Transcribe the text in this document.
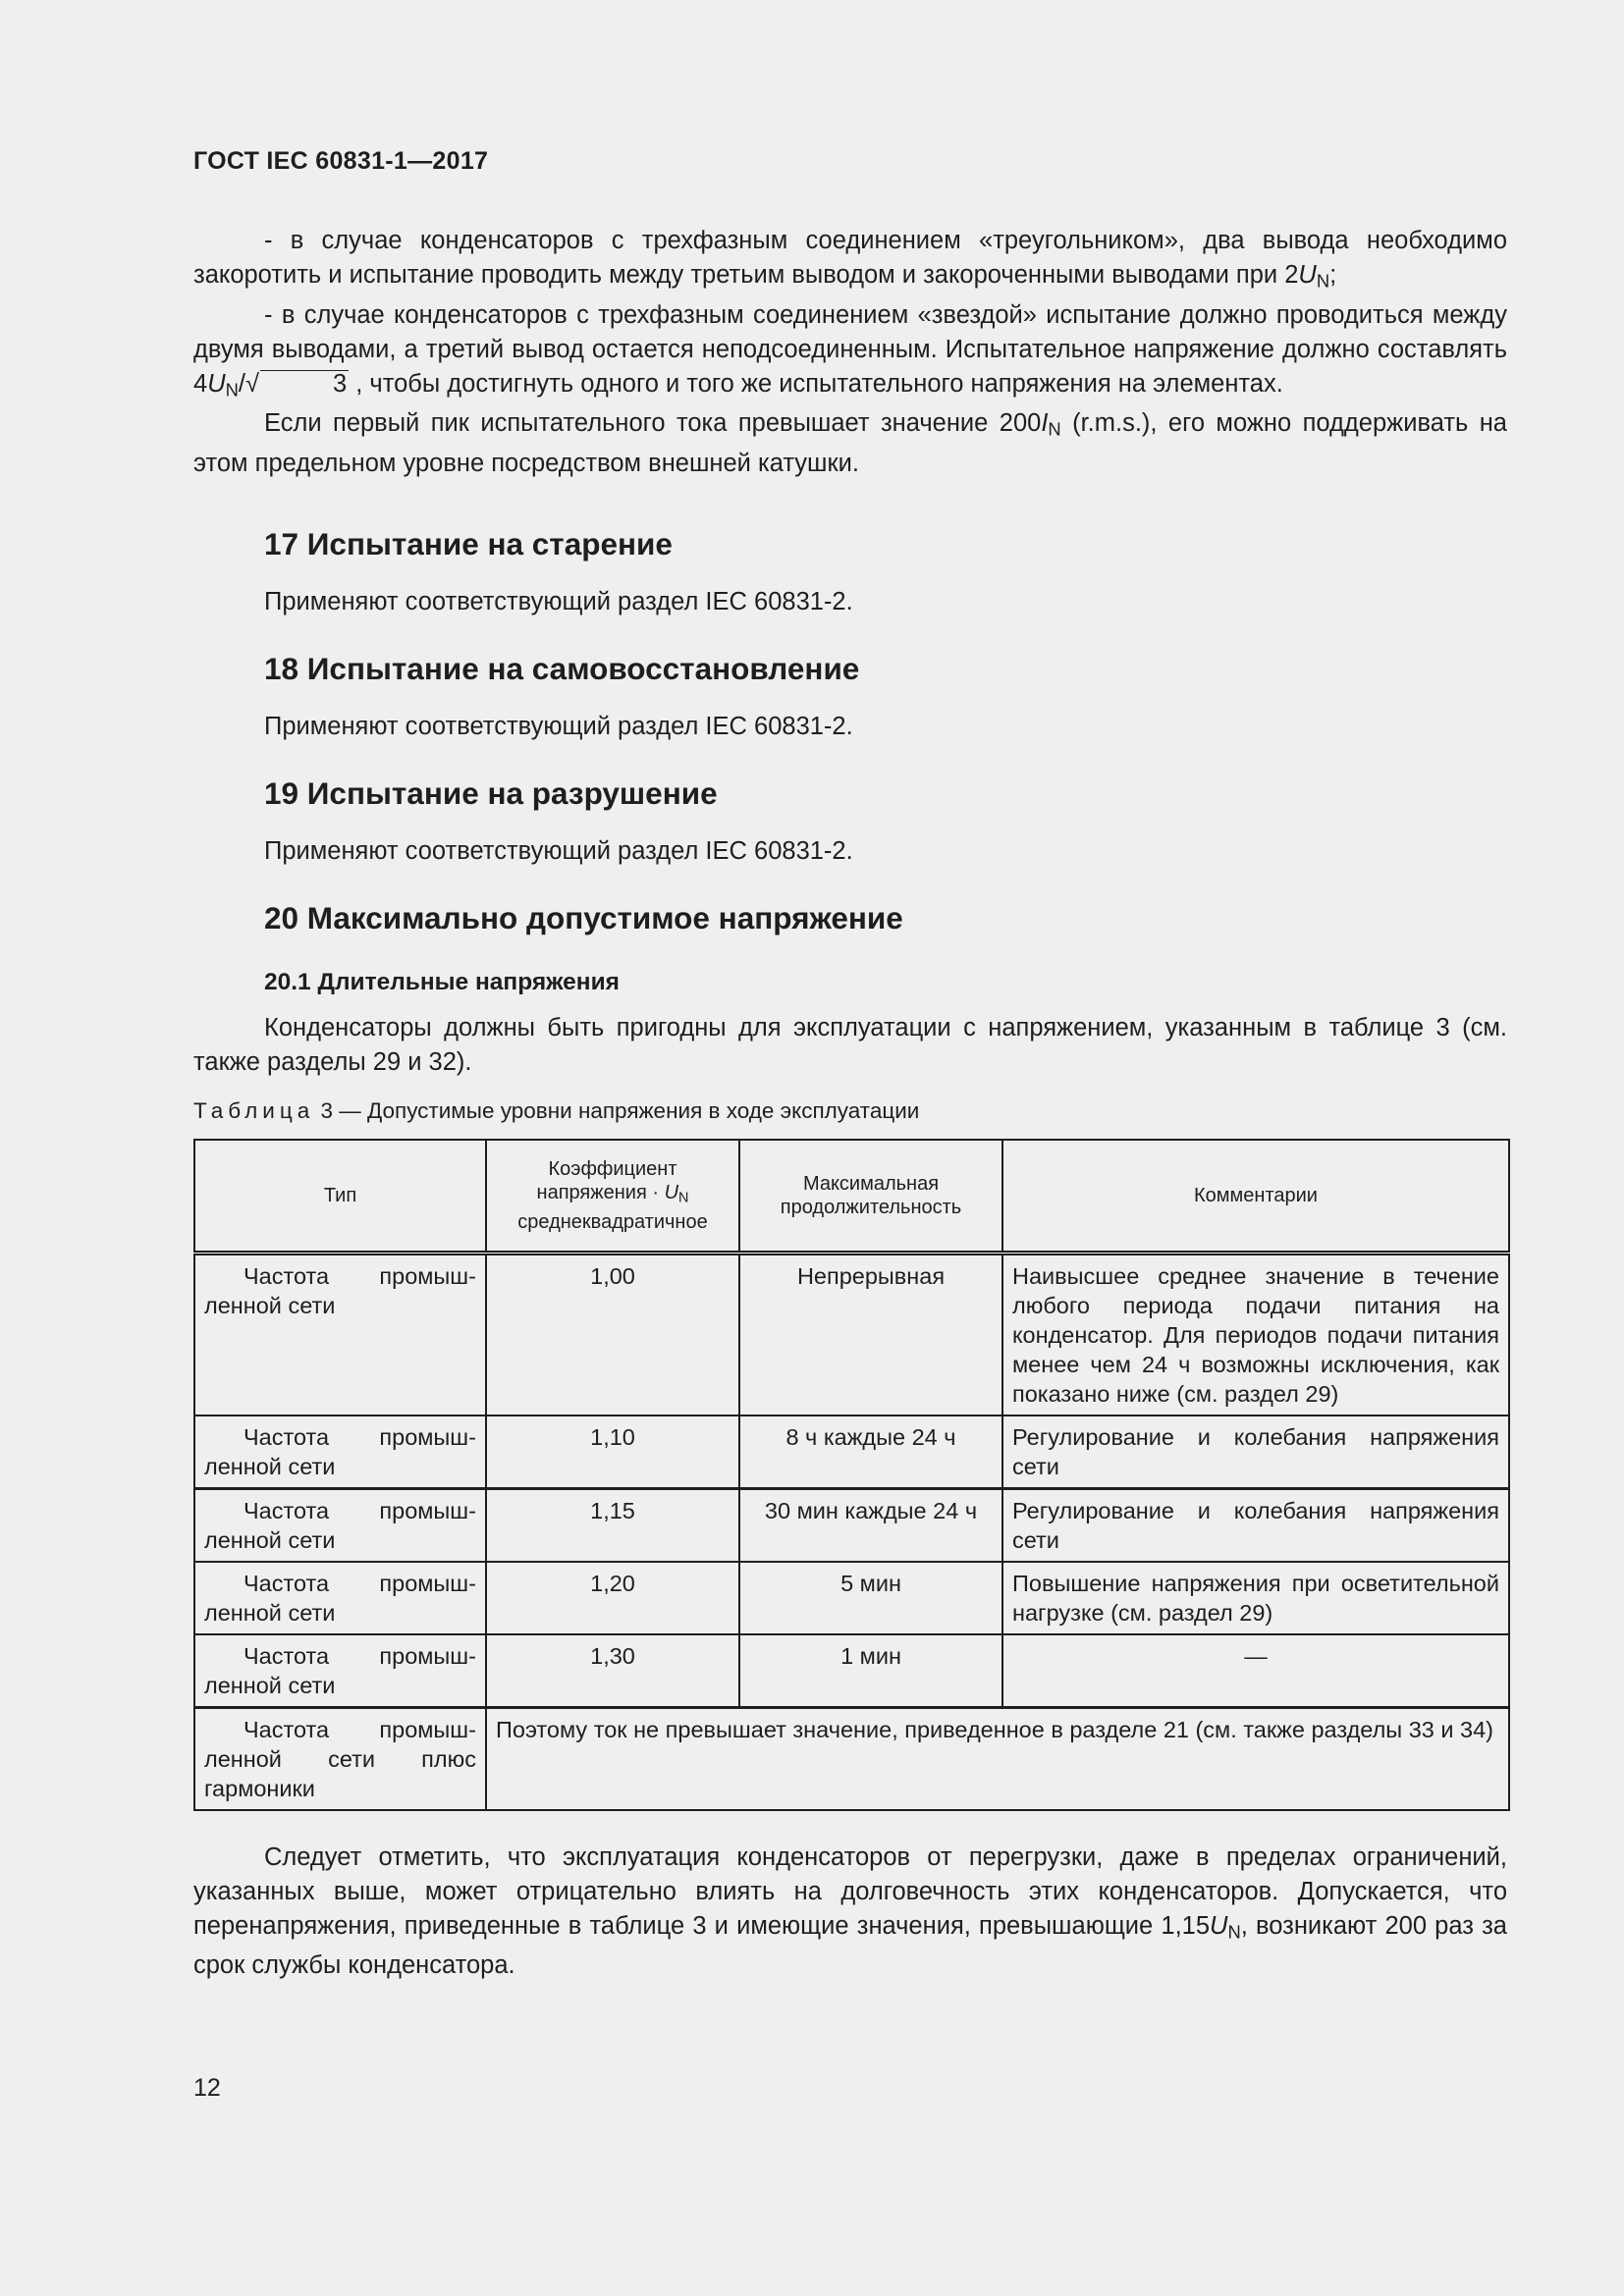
ГОСТ IEC 60831-1—2017

- в случае конденсаторов с трехфазным соединением «треугольником», два вывода необходимо закоротить и испытание проводить между третьим выводом и закороченными выводами при $2U_N$;

- в случае конденсаторов с трехфазным соединением «звездой» испытание должно проводиться между двумя выводами, а третий вывод остается неподсоединенным. Испытательное напряжение должно составлять $4U_N/√$	3 , чтобы достигнуть одного и того же испытательного напряжения на элементах.

Если первый пик испытательного тока превышает значение $200I_N$ (r.m.s.), его можно поддерживать на этом предельном уровне посредством внешней катушки.

17 Испытание на старение

Применяют соответствующий раздел IEC 60831-2.

18 Испытание на самовосстановление

Применяют соответствующий раздел IEC 60831-2.

19 Испытание на разрушение

Применяют соответствующий раздел IEC 60831-2.

20 Максимально допустимое напряжение
20.1 Длительные напряжения

Конденсаторы должны быть пригодны для эксплуатации с напряжением, указанным в таблице 3 (см. также разделы 29 и 32).

Таблица 3 — Допустимые уровни напряжения в ходе эксплуатации

Тип	Коэффициент напряжения · $U_N$ среднеквадратичное	Максимальная продолжительность	Комментарии

Частота промыш-
ленной сети	1,00	Непрерывная	Наивысшее среднее значение в течение любого периода подачи питания на конденсатор. Для периодов подачи питания менее чем 24 ч возможны исключения, как показано ниже (см. раздел 29)

Частота промыш-
ленной сети	1,10	8 ч каждые 24 ч	Регулирование и колебания напряжения сети

Частота промыш-
ленной сети	1,15	30 мин каждые 24 ч	Регулирование и колебания напряжения сети

Частота промыш-
ленной сети	1,20	5 мин	Повышение напряжения при осветительной нагрузке (см. раздел 29)

Частота промыш-
ленной сети	1,30	1 мин	—

Частота промыш-
ленной сети плюс гармоники	Поэтому ток не превышает значение, приведенное в разделе 21 (см. также разделы 33 и 34)		

Следует отметить, что эксплуатация конденсаторов от перегрузки, даже в пределах ограничений, указанных выше, может отрицательно влиять на долговечность этих конденсаторов. Допускается, что перенапряжения, приведенные в таблице 3 и имеющие значения, превышающие $1,15U_N$, возникают 200 раз за срок службы конденсатора.

12
